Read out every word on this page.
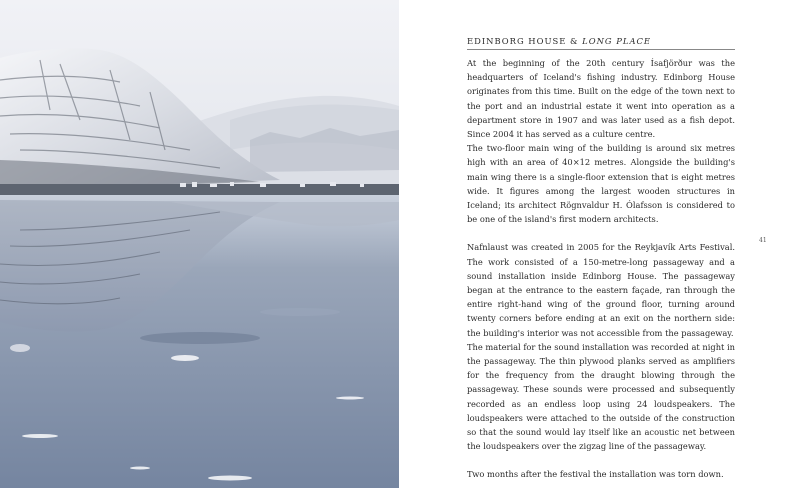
EDINBORG HOUSE & LONG PLACE

At the beginning of the 20th century Ísafjörður was the headquarters of Iceland's fishing industry. Edinborg House originates from this time. Built on the edge of the town next to the port and an industrial estate it went into operation as a department store in 1907 and was later used as a fish depot. Since 2004 it has served as a culture centre.

The two-floor main wing of the building is around six metres high with an area of 40×12 metres. Alongside the building's main wing there is a single-floor extension that is eight metres wide. It figures among the largest wooden structures in Iceland; its architect Rögnvaldur H. Ólafsson is considered to be one of the island's first modern architects.

Nafnlaust was created in 2005 for the Reykjavík Arts Festival. The work consisted of a 150-metre-long passageway and a sound installation inside Edinborg House. The passageway began at the entrance to the eastern façade, ran through the entire right-hand wing of the ground floor, turning around twenty corners before ending at an exit on the northern side: the building's interior was not accessible from the passageway.

The material for the sound installation was recorded at night in the passageway. The thin plywood planks served as amplifiers for the frequency from the draught blowing through the passageway. These sounds were processed and subsequently recorded as an endless loop using 24 loudspeakers. The loudspeakers were attached to the outside of the construction so that the sound would lay itself like an acoustic net between the loudspeakers over the zigzag line of the passageway.

Two months after the festival the installation was torn down.

41
